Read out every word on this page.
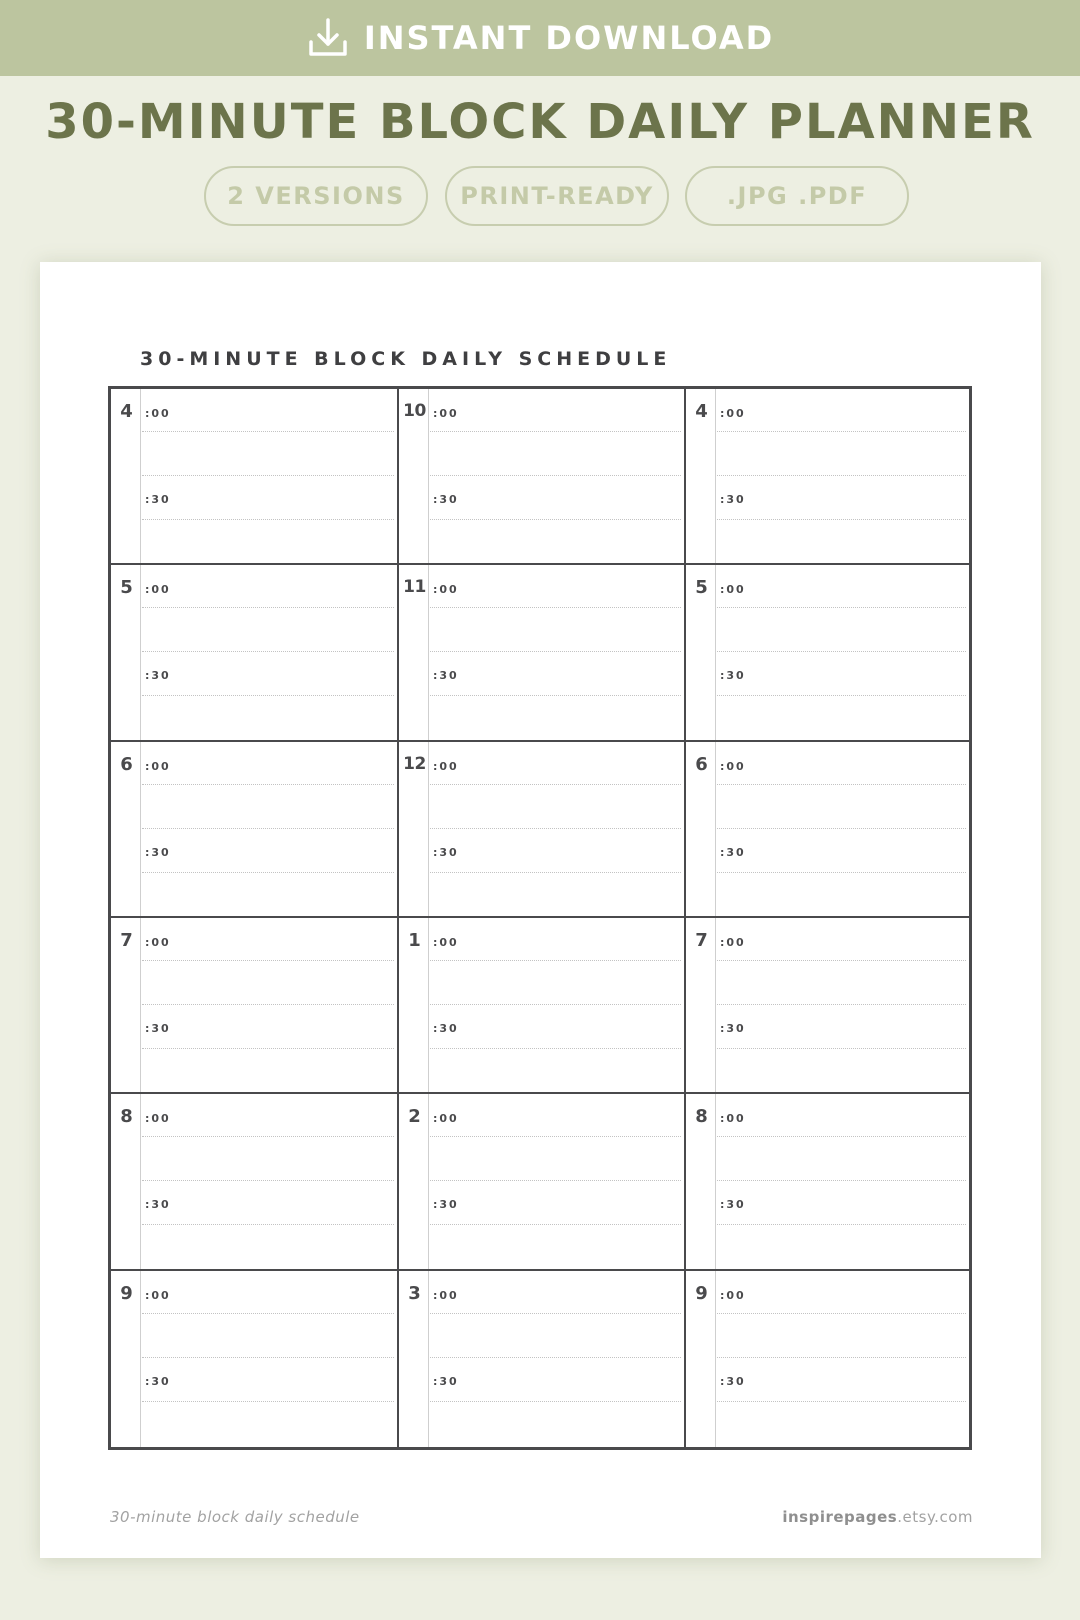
INSTANT DOWNLOAD
30-MINUTE BLOCK DAILY PLANNER
2 VERSIONS	PRINT-READY	.JPG .PDF
30-MINUTE BLOCK DAILY SCHEDULE
4	:00
:30
10 :00
:30
4	:00
:30
5	:00
:30
11 :00
:30
5	:00
:30
6	:00
:30
12 :00
:30
6	:00
:30
7	:00
:30
1	:00
:30
7	:00
:30
8	:00
:30
2	:00
:30
8	:00
:30
9	:00
:30
3	:00
:30
9	:00
:30
30-minute block daily schedule	inspirepages.etsy.com
